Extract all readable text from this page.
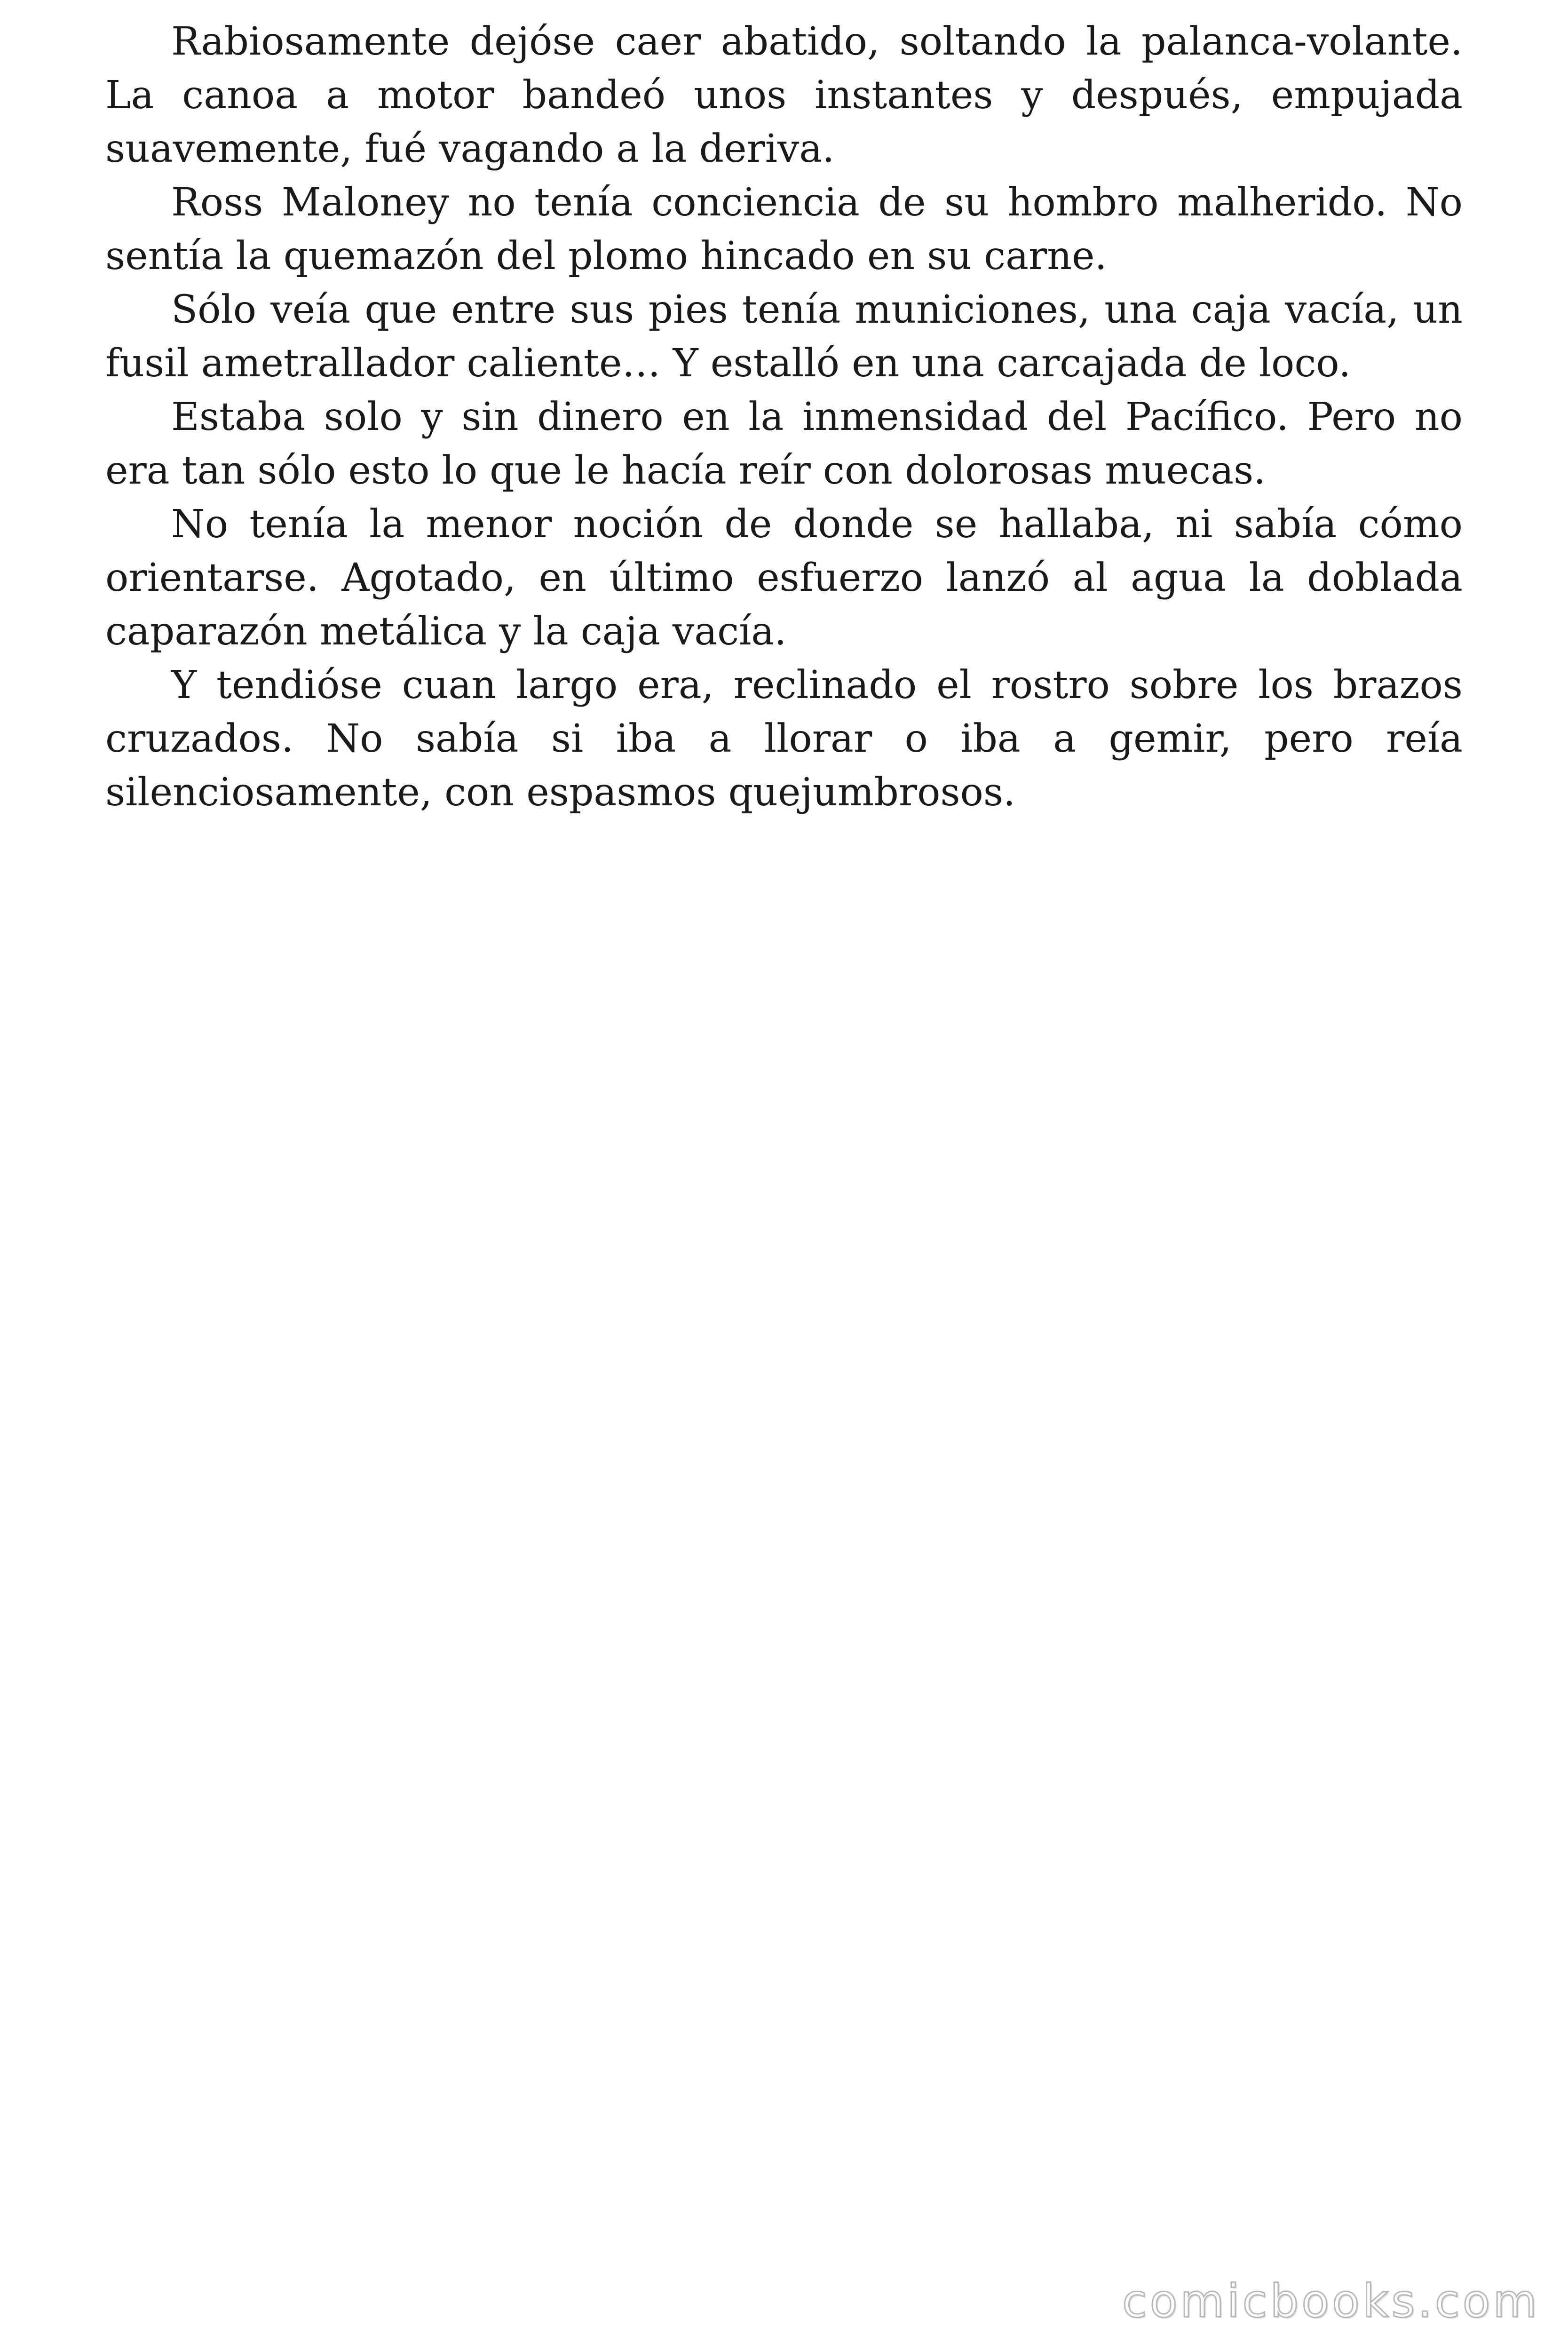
Rabiosamente dejóse caer abatido, soltando la palanca-volante. La canoa a motor bandeó unos instantes y después, empujada suavemente, fué vagando a la deriva.

Ross Maloney no tenía conciencia de su hombro malherido. No sentía la quemazón del plomo hincado en su carne.

Sólo veía que entre sus pies tenía municiones, una caja vacía, un fusil ametrallador caliente… Y estalló en una carcajada de loco.

Estaba solo y sin dinero en la inmensidad del Pacífico. Pero no era tan sólo esto lo que le hacía reír con dolorosas muecas.

No tenía la menor noción de donde se hallaba, ni sabía cómo orientarse. Agotado, en último esfuerzo lanzó al agua la doblada caparazón metálica y la caja vacía.

Y tendióse cuan largo era, reclinado el rostro sobre los brazos cruzados. No sabía si iba a llorar o iba a gemir, pero reía silenciosamente, con espasmos quejumbrosos.

comicbooks.com
